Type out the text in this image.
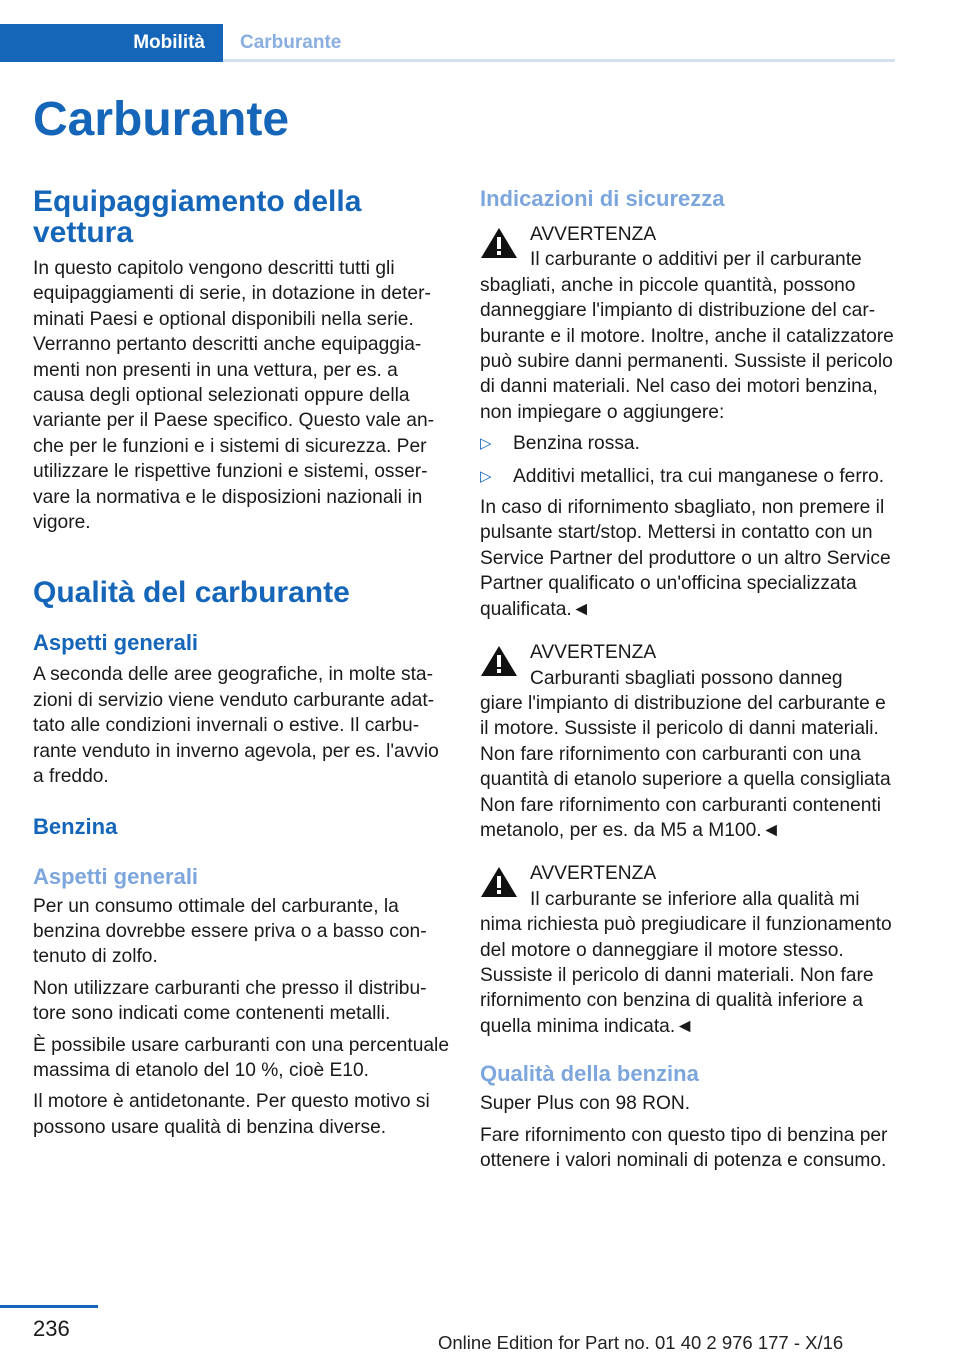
Mobilità Carburante
Carburante
Equipaggiamento della vettura

In questo capitolo vengono descritti tutti gli equipaggiamenti di serie, in dotazione in determinati Paesi e optional disponibili nella serie. Verranno pertanto descritti anche equipaggiamenti non presenti in una vettura, per es. a causa degli optional selezionati oppure della variante per il Paese specifico. Questo vale anche per le funzioni e i sistemi di sicurezza. Per utilizzare le rispettive funzioni e sistemi, osservare la normativa e le disposizioni nazionali in vigore.

Qualità del carburante
Aspetti generali

A seconda delle aree geografiche, in molte stazioni di servizio viene venduto carburante adattato alle condizioni invernali o estive. Il carburante venduto in inverno agevola, per es. l'avvio a freddo.

Benzina
Aspetti generali

Per un consumo ottimale del carburante, la benzina dovrebbe essere priva o a basso contenuto di zolfo.

Non utilizzare carburanti che presso il distributore sono indicati come contenenti metalli.

È possibile usare carburanti con una percentuale massima di etanolo del 10 %, cioè E10.

Il motore è antidetonante. Per questo motivo si possono usare qualità di benzina diverse.

Indicazioni di sicurezza
AVVERTENZA
Il carburante o additivi per il carburante

sbagliati, anche in piccole quantità, possono danneggiare l'impianto di distribuzione del carburante e il motore. Inoltre, anche il catalizzatore può subire danni permanenti. Sussiste il pericolo di danni materiali. Nel caso dei motori benzina, non impiegare o aggiungere:

▷ Benzina rossa.
▷ Additivi metallici, tra cui manganese o ferro.

In caso di rifornimento sbagliato, non premere il pulsante start/stop. Mettersi in contatto con un Service Partner del produttore o un altro Service Partner qualificato o un'officina specializzata qualificata.◄

AVVERTENZA
Carburanti sbagliati possono danneg

giare l'impianto di distribuzione del carburante e il motore. Sussiste il pericolo di danni materiali. Non fare rifornimento con carburanti con una quantità di etanolo superiore a quella consigliata Non fare rifornimento con carburanti contenenti metanolo, per es. da M5 a M100.◄

AVVERTENZA
Il carburante se inferiore alla qualità mi

nima richiesta può pregiudicare il funzionamento del motore o danneggiare il motore stesso. Sussiste il pericolo di danni materiali. Non fare rifornimento con benzina di qualità inferiore a quella minima indicata.◄

Qualità della benzina

Super Plus con 98 RON.

Fare rifornimento con questo tipo di benzina per ottenere i valori nominali di potenza e consumo.

236
Online Edition for Part no. 01 40 2 976 177 - X/16
